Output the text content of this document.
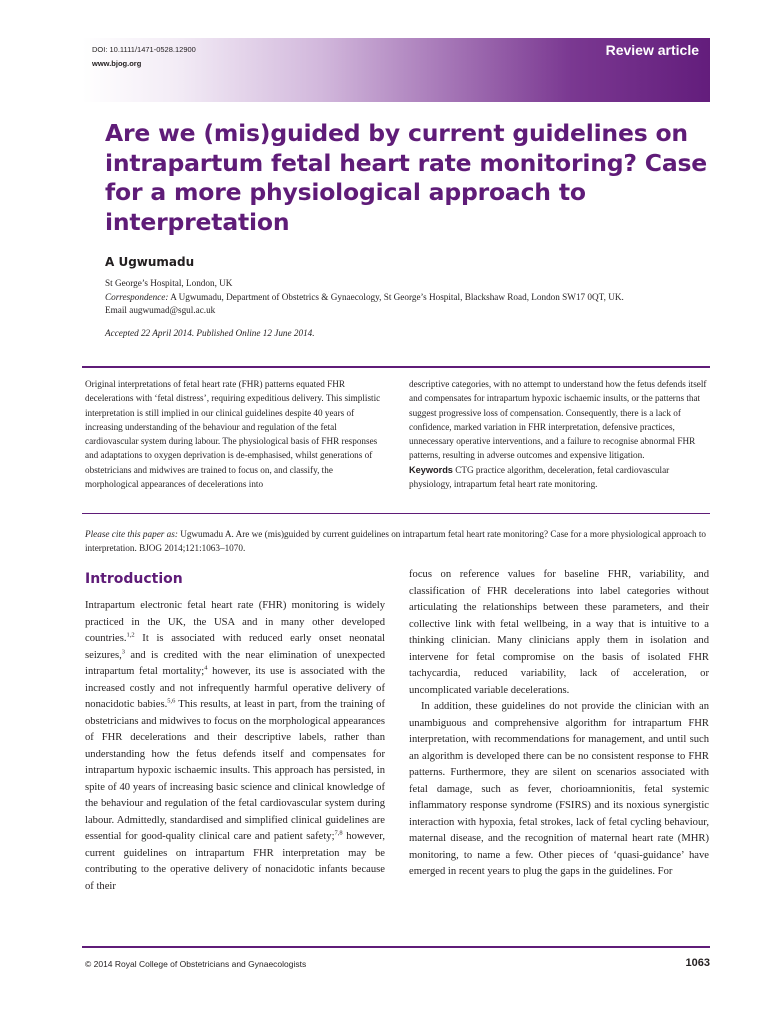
DOI: 10.1111/1471-0528.12900
www.bjog.org
Review article
Are we (mis)guided by current guidelines on intrapartum fetal heart rate monitoring? Case for a more physiological approach to interpretation
A Ugwumadu
St George’s Hospital, London, UK
Correspondence: A Ugwumadu, Department of Obstetrics & Gynaecology, St George’s Hospital, Blackshaw Road, London SW17 0QT, UK.
Email augwumad@sgul.ac.uk
Accepted 22 April 2014. Published Online 12 June 2014.
Original interpretations of fetal heart rate (FHR) patterns equated FHR decelerations with ‘fetal distress’, requiring expeditious delivery. This simplistic interpretation is still implied in our clinical guidelines despite 40 years of increasing understanding of the behaviour and regulation of the fetal cardiovascular system during labour. The physiological basis of FHR responses and adaptations to oxygen deprivation is de-emphasised, whilst generations of obstetricians and midwives are trained to focus on, and classify, the morphological appearances of decelerations into
descriptive categories, with no attempt to understand how the fetus defends itself and compensates for intrapartum hypoxic ischaemic insults, or the patterns that suggest progressive loss of compensation. Consequently, there is a lack of confidence, marked variation in FHR interpretation, defensive practices, unnecessary operative interventions, and a failure to recognise abnormal FHR patterns, resulting in adverse outcomes and expensive litigation.
Keywords CTG practice algorithm, deceleration, fetal cardiovascular physiology, intrapartum fetal heart rate monitoring.
Please cite this paper as: Ugwumadu A. Are we (mis)guided by current guidelines on intrapartum fetal heart rate monitoring? Case for a more physiological approach to interpretation. BJOG 2014;121:1063–1070.
Introduction

Intrapartum electronic fetal heart rate (FHR) monitoring is widely practiced in the UK, the USA and in many other developed countries.$^{1,2}$ It is associated with reduced early onset neonatal seizures,$^3$ and is credited with the near elimination of unexpected intrapartum fetal mortality;$^4$ however, its use is associated with the increased costly and not infrequently harmful operative delivery of nonacidotic babies.$^{5,6}$ This results, at least in part, from the training of obstetricians and midwives to focus on the morphological appearances of FHR decelerations and their descriptive labels, rather than understanding how the fetus defends itself and compensates for intrapartum hypoxic ischaemic insults. This approach has persisted, in spite of 40 years of increasing basic science and clinical knowledge of the behaviour and regulation of the fetal cardiovascular system during labour. Admittedly, standardised and simplified clinical guidelines are essential for good-quality clinical care and patient safety;$^{7,8}$ however, current guidelines on intrapartum FHR interpretation may be contributing to the operative delivery of nonacidotic infants because of their

focus on reference values for baseline FHR, variability, and classification of FHR decelerations into label categories without articulating the relationships between these parameters, and their collective link with fetal wellbeing, in a way that is intuitive to a thinking clinician. Many clinicians apply them in isolation and intervene for fetal compromise on the basis of isolated FHR tachycardia, reduced variability, lack of acceleration, or uncomplicated variable decelerations.

In addition, these guidelines do not provide the clinician with an unambiguous and comprehensive algorithm for intrapartum FHR interpretation, with recommendations for management, and until such an algorithm is developed there can be no consistent response to FHR patterns. Furthermore, they are silent on scenarios associated with fetal damage, such as fever, chorioamnionitis, fetal systemic inflammatory response syndrome (FSIRS) and its noxious synergistic interaction with hypoxia, fetal strokes, lack of fetal cycling behaviour, maternal disease, and the recognition of maternal heart rate (MHR) monitoring, to name a few. Other pieces of ‘quasi-guidance’ have emerged in recent years to plug the gaps in the guidelines. For

© 2014 Royal College of Obstetricians and Gynaecologists	1063
